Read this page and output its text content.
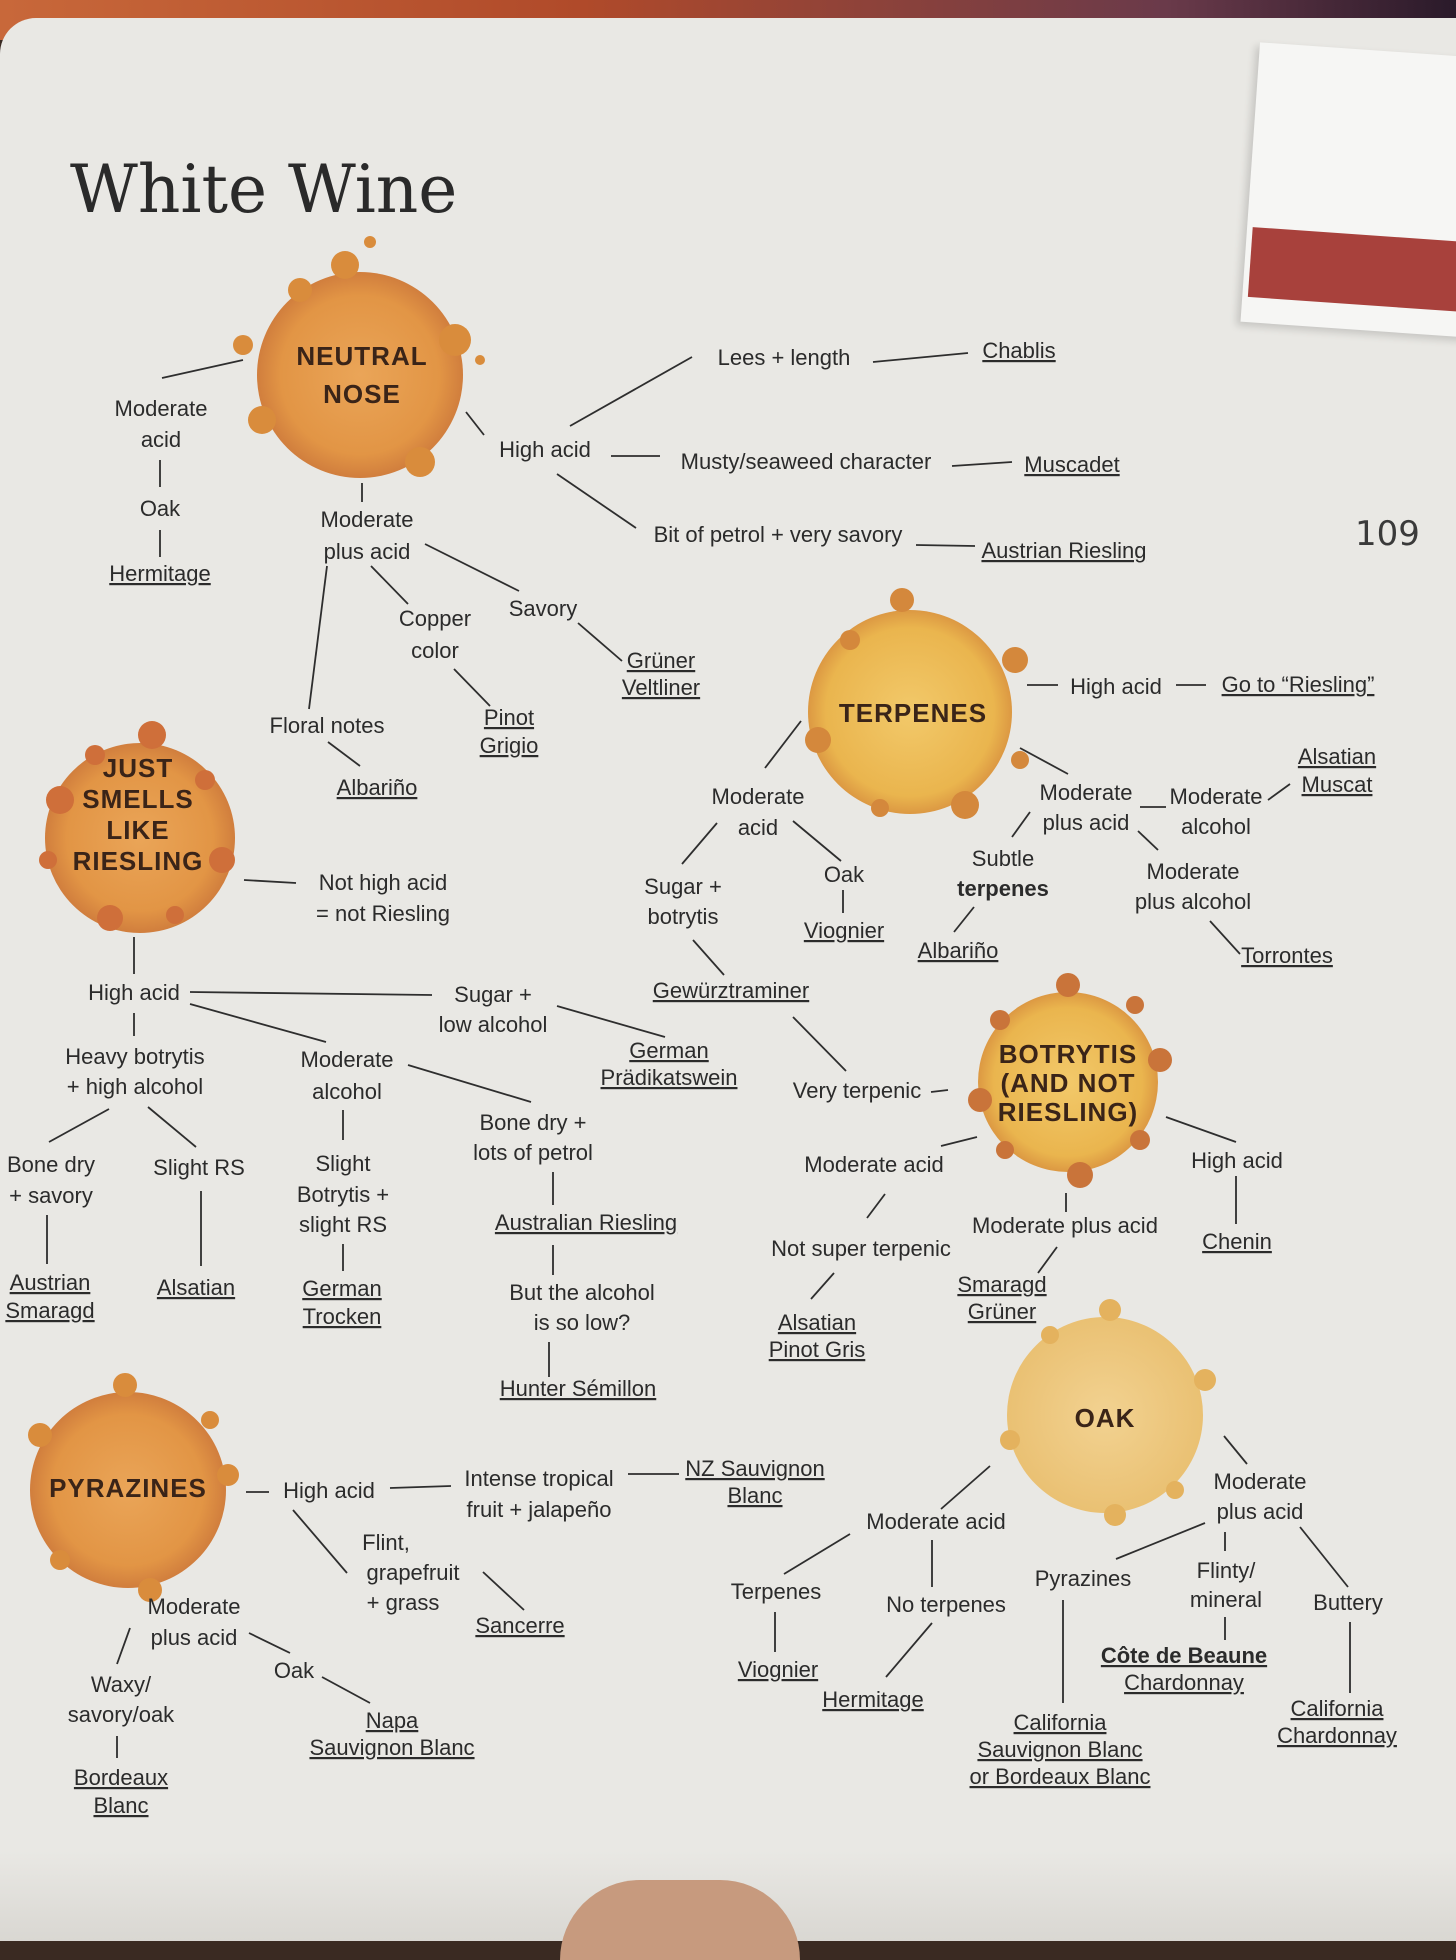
White Wine
109
NEUTRAL
NOSE
JUST
SMELLS
LIKE
RIESLING
TERPENES
BOTRYTIS
(AND NOT
RIESLING)
PYRAZINES
OAK
Moderate
acid
Oak
Hermitage
High acid
Lees + length	Chablis
Musty/seaweed character	Muscadet
Bit of petrol + very savory
Austrian Riesling
Moderate
plus acid
Copper
color
Savory
Grüner
Veltliner
Floral notes	Pinot
Grigio
Albariño
Not high acid
= not Riesling
High acid	Sugar +
low alcohol
German
Prädikatswein
Heavy botrytis
+ high alcohol
Moderate
alcohol
Bone dry +
lots of petrol
Bone dry
+ savory
Slight RS	Slight
Botrytis +
slight RS	Australian Riesling
But the alcohol
is so low?
Hunter Sémillon
Austrian
Smaragd
Alsatian	German
Trocken
High acid	Go to “Riesling”
Moderate
acid
Sugar +
botrytis
Oak
Viognier
Gewürztraminer
Moderate
plus acid
Moderate
alcohol
Alsatian
Muscat
Subtle
terpenes
Moderate
plus alcohol
Albariño	Torrontes
Very terpenic
Moderate acid
Not super terpenic
Alsatian
Pinot Gris
Moderate plus acid
Smaragd
Grüner
High acid
Chenin
High acid	Intense tropical
fruit + jalapeño
NZ Sauvignon
Blanc
Flint,
grapefruit
+ grass
Sancerre
Moderate
plus acid
Waxy/
savory/oak
Bordeaux
Blanc
Oak
Napa
Sauvignon Blanc
Moderate acid
Terpenes
Viognier
No terpenes
Hermitage
Moderate
plus acid
Pyrazines	Flinty/
mineral Buttery
Côte de Beaune
Chardonnay
California
Sauvignon Blanc
or Bordeaux Blanc
California
Chardonnay
